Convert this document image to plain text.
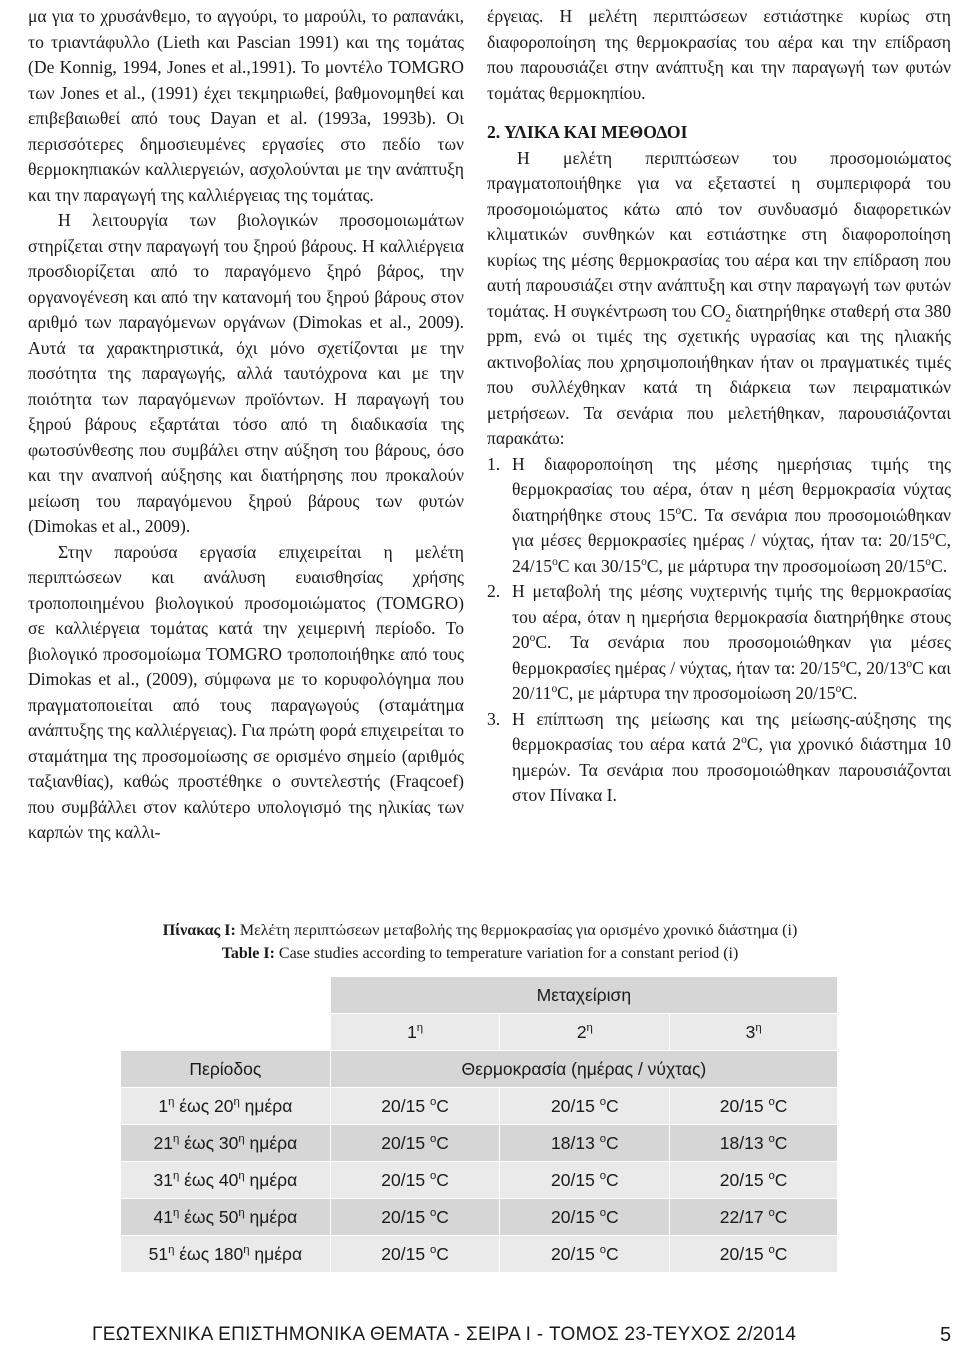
μα για το χρυσάνθεμο, το αγγούρι, το μαρούλι, το ραπανάκι, το τριαντάφυλλο (Lieth και Pascian 1991) και της τομάτας (De Konnig, 1994, Jones et al.,1991). Το μοντέλο TOMGRO των Jones et al., (1991) έχει τεκμηριωθεί, βαθμονομηθεί και επιβεβαιωθεί από τους Dayan et al. (1993a, 1993b). Οι περισσότερες δημοσιευμένες εργασίες στο πεδίο των θερμοκηπιακών καλλιεργειών, ασχολούνται με την ανάπτυξη και την παραγωγή της καλλιέργειας της τομάτας.

Η λειτουργία των βιολογικών προσομοιωμάτων στηρίζεται στην παραγωγή του ξηρού βάρους. Η καλλιέργεια προσδιορίζεται από το παραγόμενο ξηρό βάρος, την οργανογένεση και από την κατανομή του ξηρού βάρους στον αριθμό των παραγόμενων οργάνων (Dimokas et al., 2009). Αυτά τα χαρακτηριστικά, όχι μόνο σχετίζονται με την ποσότητα της παραγωγής, αλλά ταυτόχρονα και με την ποιότητα των παραγόμενων προϊόντων. Η παραγωγή του ξηρού βάρους εξαρτάται τόσο από τη διαδικασία της φωτοσύνθεσης που συμβάλει στην αύξηση του βάρους, όσο και την αναπνοή αύξησης και διατήρησης που προκαλούν μείωση του παραγόμενου ξηρού βάρους των φυτών (Dimokas et al., 2009).

Στην παρούσα εργασία επιχειρείται η μελέτη περιπτώσεων και ανάλυση ευαισθησίας χρήσης τροποποιημένου βιολογικού προσομοιώματος (TOMGRO) σε καλλιέργεια τομάτας κατά την χειμερινή περίοδο. Το βιολογικό προσομοίωμα TOMGRO τροποποιήθηκε από τους Dimokas et al., (2009), σύμφωνα με το κορυφολόγημα που πραγματοποιείται από τους παραγωγούς (σταμάτημα ανάπτυξης της καλλιέργειας). Για πρώτη φορά επιχειρείται το σταμάτημα της προσομοίωσης σε ορισμένο σημείο (αριθμός ταξιανθίας), καθώς προστέθηκε ο συντελεστής (Fraqcoef) που συμβάλλει στον καλύτερο υπολογισμό της ηλικίας των καρπών της καλλι-

έργειας. Η μελέτη περιπτώσεων εστιάστηκε κυρίως στη διαφοροποίηση της θερμοκρασίας του αέρα και την επίδραση που παρουσιάζει στην ανάπτυξη και την παραγωγή των φυτών τομάτας θερμοκηπίου.

2. ΥΛΙΚΑ ΚΑΙ ΜΕΘΟΔΟΙ

Η μελέτη περιπτώσεων του προσομοιώματος πραγματοποιήθηκε για να εξεταστεί η συμπεριφορά του προσομοιώματος κάτω από τον συνδυασμό διαφορετικών κλιματικών συνθηκών και εστιάστηκε στη διαφοροποίηση κυρίως της μέσης θερμοκρασίας του αέρα και την επίδραση που αυτή παρουσιάζει στην ανάπτυξη και στην παραγωγή των φυτών τομάτας. Η συγκέντρωση του $CO_2$ διατηρήθηκε σταθερή στα 380 ppm, ενώ οι τιμές της σχετικής υγρασίας και της ηλιακής ακτινοβολίας που χρησιμοποιήθηκαν ήταν οι πραγματικές τιμές που συλλέχθηκαν κατά τη διάρκεια των πειραματικών μετρήσεων. Τα σενάρια που μελετήθηκαν, παρουσιάζονται παρακάτω:

1. Η διαφοροποίηση της μέσης ημερήσιας τιμής της θερμοκρασίας του αέρα, όταν η μέση θερμοκρασία νύχτας διατηρήθηκε στους $15^oC$. Τα σενάρια που προσομοιώθηκαν για μέσες θερμοκρασίες ημέρας / νύχτας, ήταν τα: $20/15^oC$, $24/15^oC$ και $30/15^oC$, με μάρτυρα την προσομοίωση $20/15^oC$.
2. Η μεταβολή της μέσης νυχτερινής τιμής της θερμοκρασίας του αέρα, όταν η ημερήσια θερμοκρασία διατηρήθηκε στους $20^oC$. Τα σενάρια που προσομοιώθηκαν για μέσες θερμοκρασίες ημέρας / νύχτας, ήταν τα: $20/15^oC$, $20/13^oC$ και $20/11^oC$, με μάρτυρα την προσομοίωση $20/15^oC$.
3. Η επίπτωση της μείωσης και της μείωσης-αύξησης της θερμοκρασίας του αέρα κατά $2^oC$, για χρονικό διάστημα 10 ημερών. Τα σενάρια που προσομοιώθηκαν παρουσιάζονται στον Πίνακα I.
Πίνακας I: Μελέτη περιπτώσεων μεταβολής της θερμοκρασίας για ορισμένο χρονικό διάστημα (i)
Table I: Case studies according to temperature variation for a constant period (i)
	Μεταχείριση		
	$1^\eta$	$2^\eta$	$3^\eta$
Περίοδος	Θερμοκρασία (ημέρας / νύχτας)		
$1^\eta$ έως $20^\eta$ ημέρα	20/15 $^o$C	20/15 $^o$C	20/15 $^o$C
$21^\eta$ έως $30^\eta$ ημέρα	20/15 $^o$C	18/13 $^o$C	18/13 $^o$C
$31^\eta$ έως $40^\eta$ ημέρα	20/15 $^o$C	20/15 $^o$C	20/15 $^o$C
$41^\eta$ έως $50^\eta$ ημέρα	20/15 $^o$C	20/15 $^o$C	22/17 $^o$C
$51^\eta$ έως $180^\eta$ ημέρα	20/15 $^o$C	20/15 $^o$C	20/15 $^o$C
ΓΕΩΤΕΧΝΙΚΑ ΕΠΙΣΤΗΜΟΝΙΚΑ ΘΕΜΑΤΑ - ΣΕΙΡΑ I - ΤΟΜΟΣ 23-ΤΕΥΧΟΣ 2/2014	5
